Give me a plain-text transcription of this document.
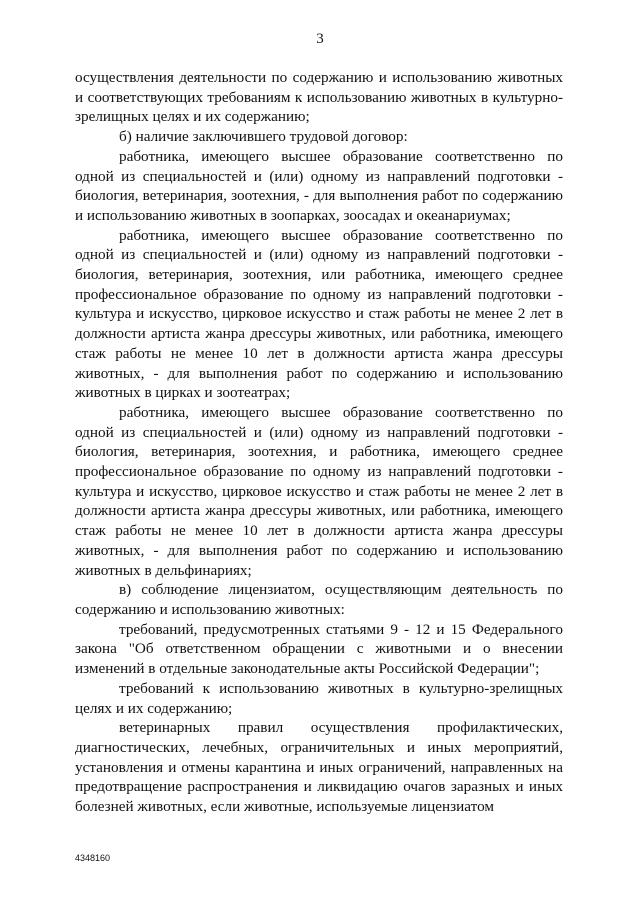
3

осуществления деятельности по содержанию и использованию животных и соответствующих требованиям к использованию животных в культурно-зрелищных целях и их содержанию;

б) наличие заключившего трудовой договор:

работника, имеющего высшее образование соответственно по одной из специальностей и (или) одному из направлений подготовки - биология, ветеринария, зоотехния, - для выполнения работ по содержанию и использованию животных в зоопарках, зоосадах и океанариумах;

работника, имеющего высшее образование соответственно по одной из специальностей и (или) одному из направлений подготовки - биология, ветеринария, зоотехния, или работника, имеющего среднее профессиональное образование по одному из направлений подготовки - культура и искусство, цирковое искусство и стаж работы не менее 2 лет в должности артиста жанра дрессуры животных, или работника, имеющего стаж работы не менее 10 лет в должности артиста жанра дрессуры животных, - для выполнения работ по содержанию и использованию животных в цирках и зоотеатрах;

работника, имеющего высшее образование соответственно по одной из специальностей и (или) одному из направлений подготовки - биология, ветеринария, зоотехния, и работника, имеющего среднее профессиональное образование по одному из направлений подготовки - культура и искусство, цирковое искусство и стаж работы не менее 2 лет в должности артиста жанра дрессуры животных, или работника, имеющего стаж работы не менее 10 лет в должности артиста жанра дрессуры животных, - для выполнения работ по содержанию и использованию животных в дельфинариях;

в) соблюдение лицензиатом, осуществляющим деятельность по содержанию и использованию животных:

требований, предусмотренных статьями 9 - 12 и 15 Федерального закона "Об ответственном обращении с животными и о внесении изменений в отдельные законодательные акты Российской Федерации";

требований к использованию животных в культурно-зрелищных целях и их содержанию;

ветеринарных правил осуществления профилактических, диагностических, лечебных, ограничительных и иных мероприятий, установления и отмены карантина и иных ограничений, направленных на предотвращение распространения и ликвидацию очагов заразных и иных болезней животных, если животные, используемые лицензиатом

4348160
